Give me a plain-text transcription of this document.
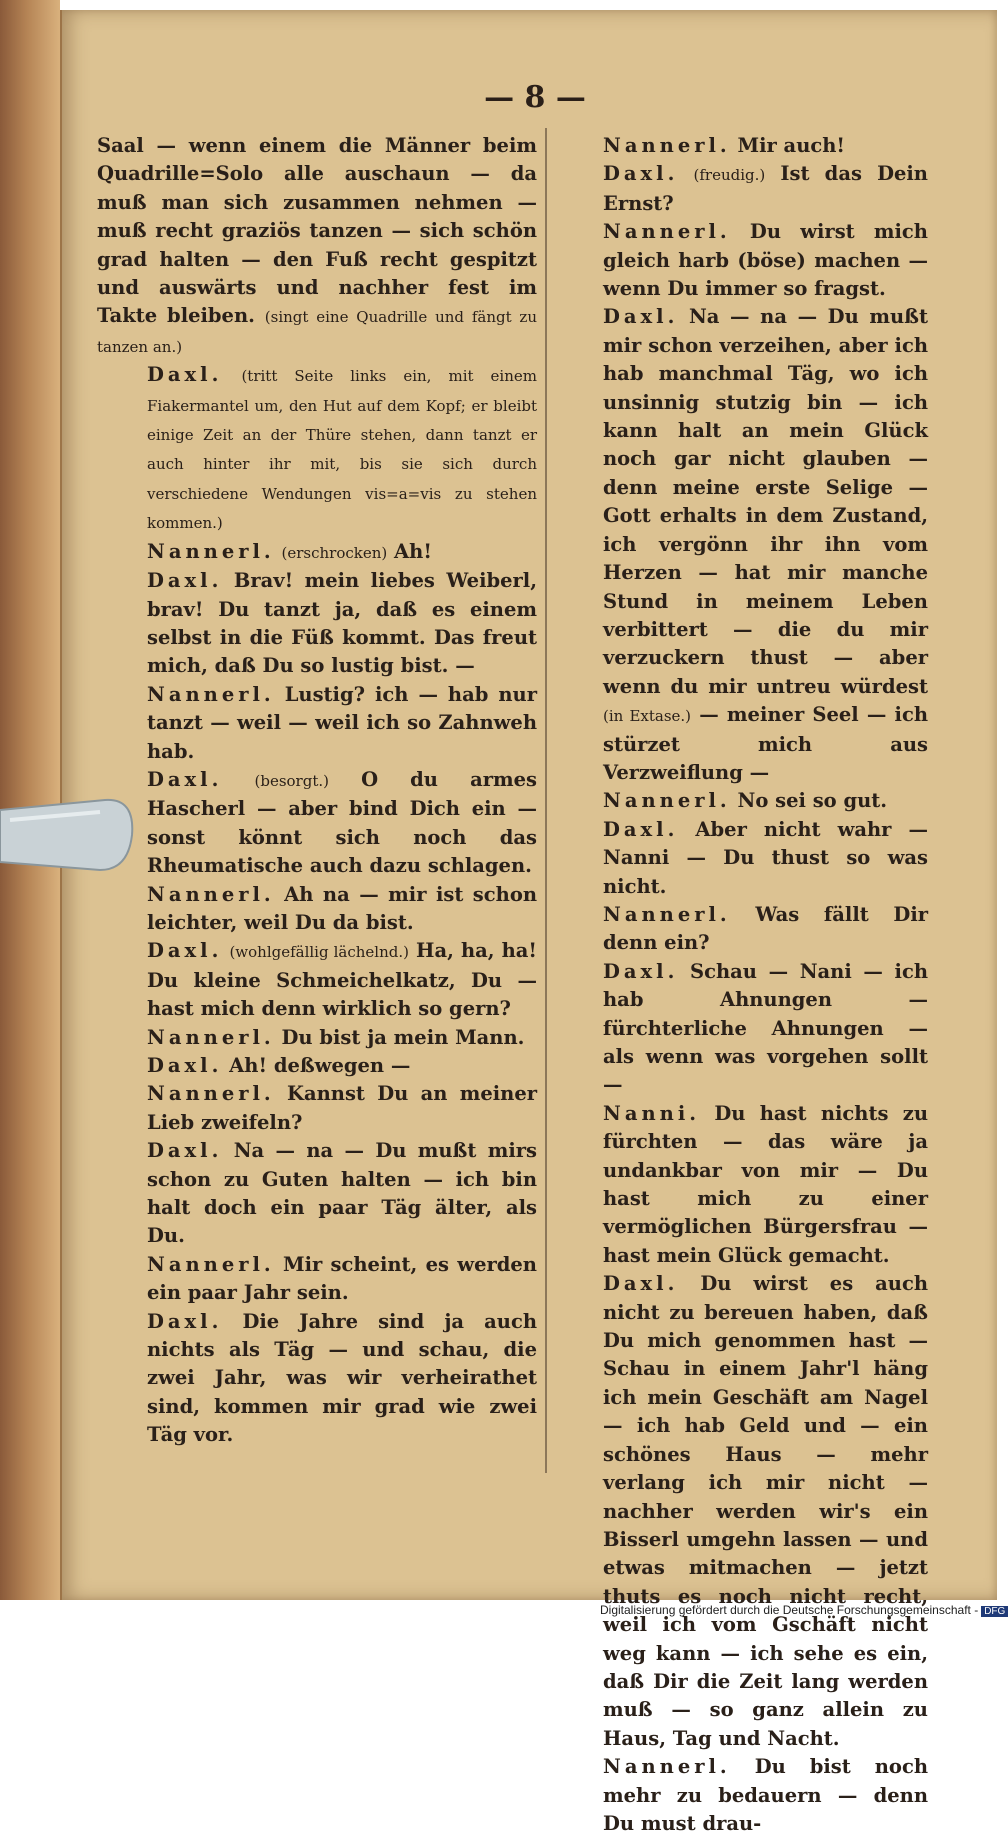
— 8 —

Saal — wenn einem die Männer beim Quadrille=Solo alle auschaun — da muß man sich zusammen nehmen — muß recht graziös tanzen — sich schön grad halten — den Fuß recht gespitzt und auswärts und nachher fest im Takte bleiben. (singt eine Quadrille und fängt zu tanzen an.)

Daxl. (tritt Seite links ein, mit einem Fiakermantel um, den Hut auf dem Kopf; er bleibt einige Zeit an der Thüre stehen, dann tanzt er auch hinter ihr mit, bis sie sich durch verschiedene Wendungen vis=a=vis zu stehen kommen.)

Nannerl. (erschrocken) Ah!

Daxl. Brav! mein liebes Weiberl, brav! Du tanzt ja, daß es einem selbst in die Füß kommt. Das freut mich, daß Du so lustig bist. —

Nannerl. Lustig? ich — hab nur tanzt — weil — weil ich so Zahnweh hab.

Daxl. (besorgt.) O du armes Hascherl — aber bind Dich ein — sonst könnt sich noch das Rheumatische auch dazu schlagen.

Nannerl. Ah na — mir ist schon leichter, weil Du da bist.

Daxl. (wohlgefällig lächelnd.) Ha, ha, ha! Du kleine Schmeichelkatz, Du — hast mich denn wirklich so gern?

Nannerl. Du bist ja mein Mann.

Daxl. Ah! deßwegen —

Nannerl. Kannst Du an meiner Lieb zweifeln?

Daxl. Na — na — Du mußt mirs schon zu Guten halten — ich bin halt doch ein paar Täg älter, als Du.

Nannerl. Mir scheint, es werden ein paar Jahr sein.

Daxl. Die Jahre sind ja auch nichts als Täg — und schau, die zwei Jahr, was wir verheirathet sind, kommen mir grad wie zwei Täg vor.

Nannerl. Mir auch!

Daxl. (freudig.) Ist das Dein Ernst?

Nannerl. Du wirst mich gleich harb (böse) machen — wenn Du immer so fragst.

Daxl. Na — na — Du mußt mir schon verzeihen, aber ich hab manchmal Täg, wo ich unsinnig stutzig bin — ich kann halt an mein Glück noch gar nicht glauben — denn meine erste Selige — Gott erhalts in dem Zustand, ich vergönn ihr ihn vom Herzen — hat mir manche Stund in meinem Leben verbittert — die du mir verzuckern thust — aber wenn du mir untreu würdest (in Extase.) — meiner Seel — ich stürzet mich aus Verzweiflung —

Nannerl. No sei so gut.

Daxl. Aber nicht wahr — Nanni — Du thust so was nicht.

Nannerl. Was fällt Dir denn ein?

Daxl. Schau — Nani — ich hab Ahnungen — fürchterliche Ahnungen — als wenn was vorgehen sollt —

Nanni. Du hast nichts zu fürchten — das wäre ja undankbar von mir — Du hast mich zu einer vermöglichen Bürgersfrau — hast mein Glück gemacht.

Daxl. Du wirst es auch nicht zu bereuen haben, daß Du mich genommen hast — Schau in einem Jahr'l häng ich mein Geschäft am Nagel — ich hab Geld und — ein schönes Haus — mehr verlang ich mir nicht — nachher werden wir's ein Bisserl umgehn lassen — und etwas mitmachen — jetzt thuts es noch nicht recht, weil ich vom Gschäft nicht weg kann — ich sehe es ein, daß Dir die Zeit lang werden muß — so ganz allein zu Haus, Tag und Nacht.

Nannerl. Du bist noch mehr zu bedauern — denn Du must drau-

Digitalisierung gefördert durch die Deutsche Forschungsgemeinschaft - DFG
